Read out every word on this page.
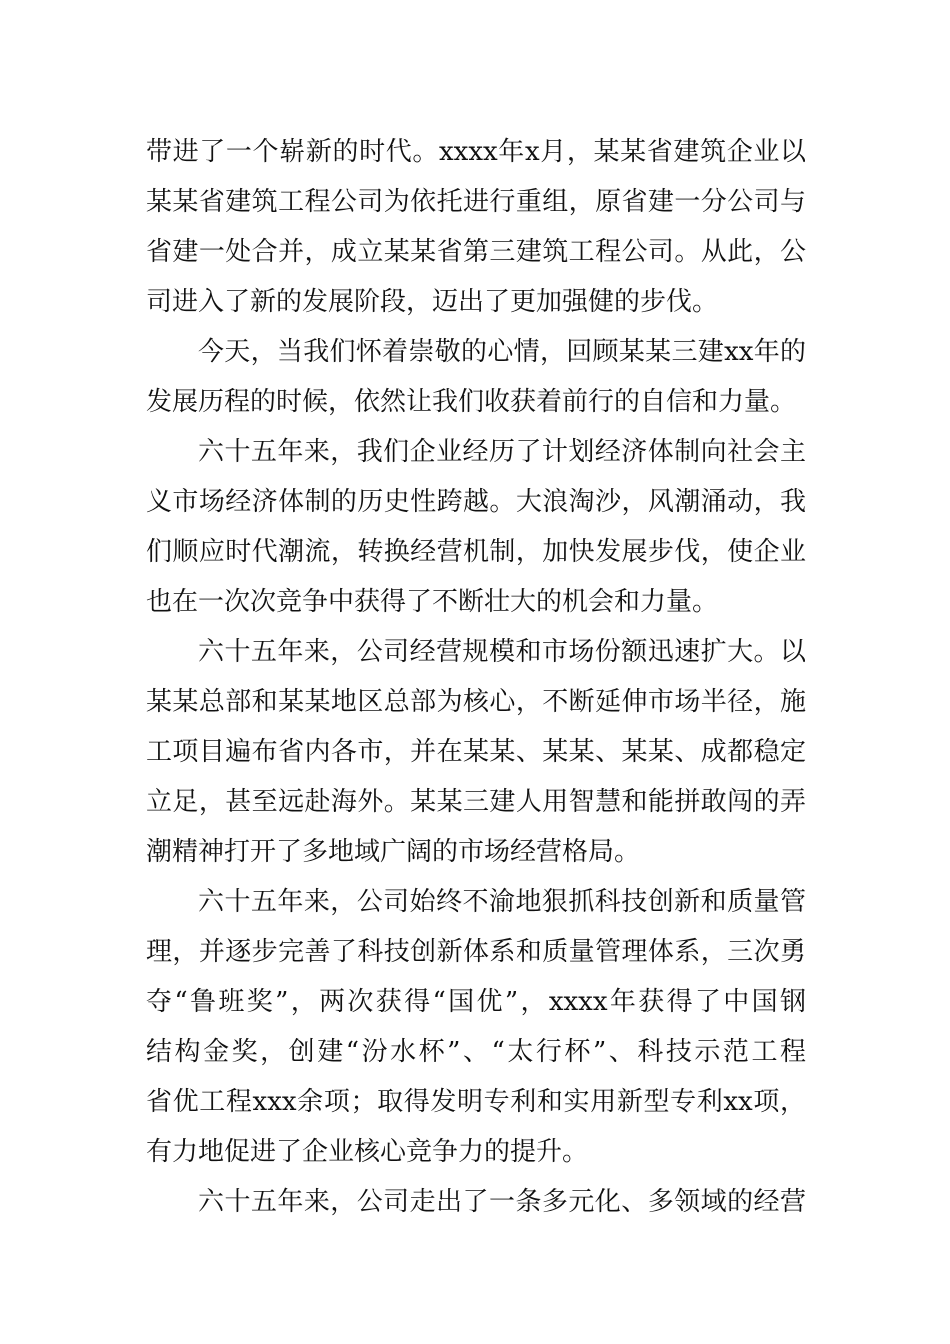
带进了一个崭新的时代。xxxx年x月，某某省建筑企业以
某某省建筑工程公司为依托进行重组，原省建一分公司与
省建一处合并，成立某某省第三建筑工程公司。从此，公
司进入了新的发展阶段，迈出了更加强健的步伐。
今天，当我们怀着崇敬的心情，回顾某某三建xx年的
发展历程的时候，依然让我们收获着前行的自信和力量。
六十五年来，我们企业经历了计划经济体制向社会主
义市场经济体制的历史性跨越。大浪淘沙，风潮涌动，我
们顺应时代潮流，转换经营机制，加快发展步伐，使企业
也在一次次竞争中获得了不断壮大的机会和力量。
六十五年来，公司经营规模和市场份额迅速扩大。以
某某总部和某某地区总部为核心，不断延伸市场半径，施
工项目遍布省内各市，并在某某、某某、某某、成都稳定
立足，甚至远赴海外。某某三建人用智慧和能拼敢闯的弄
潮精神打开了多地域广阔的市场经营格局。
六十五年来，公司始终不渝地狠抓科技创新和质量管
理，并逐步完善了科技创新体系和质量管理体系，三次勇
夺“鲁班奖”，两次获得“国优”，xxxx年获得了中国钢
结构金奖，创建“汾水杯”、“太行杯”、科技示范工程
省优工程xxx余项；取得发明专利和实用新型专利xx项，
有力地促进了企业核心竞争力的提升。
六十五年来，公司走出了一条多元化、多领域的经营
